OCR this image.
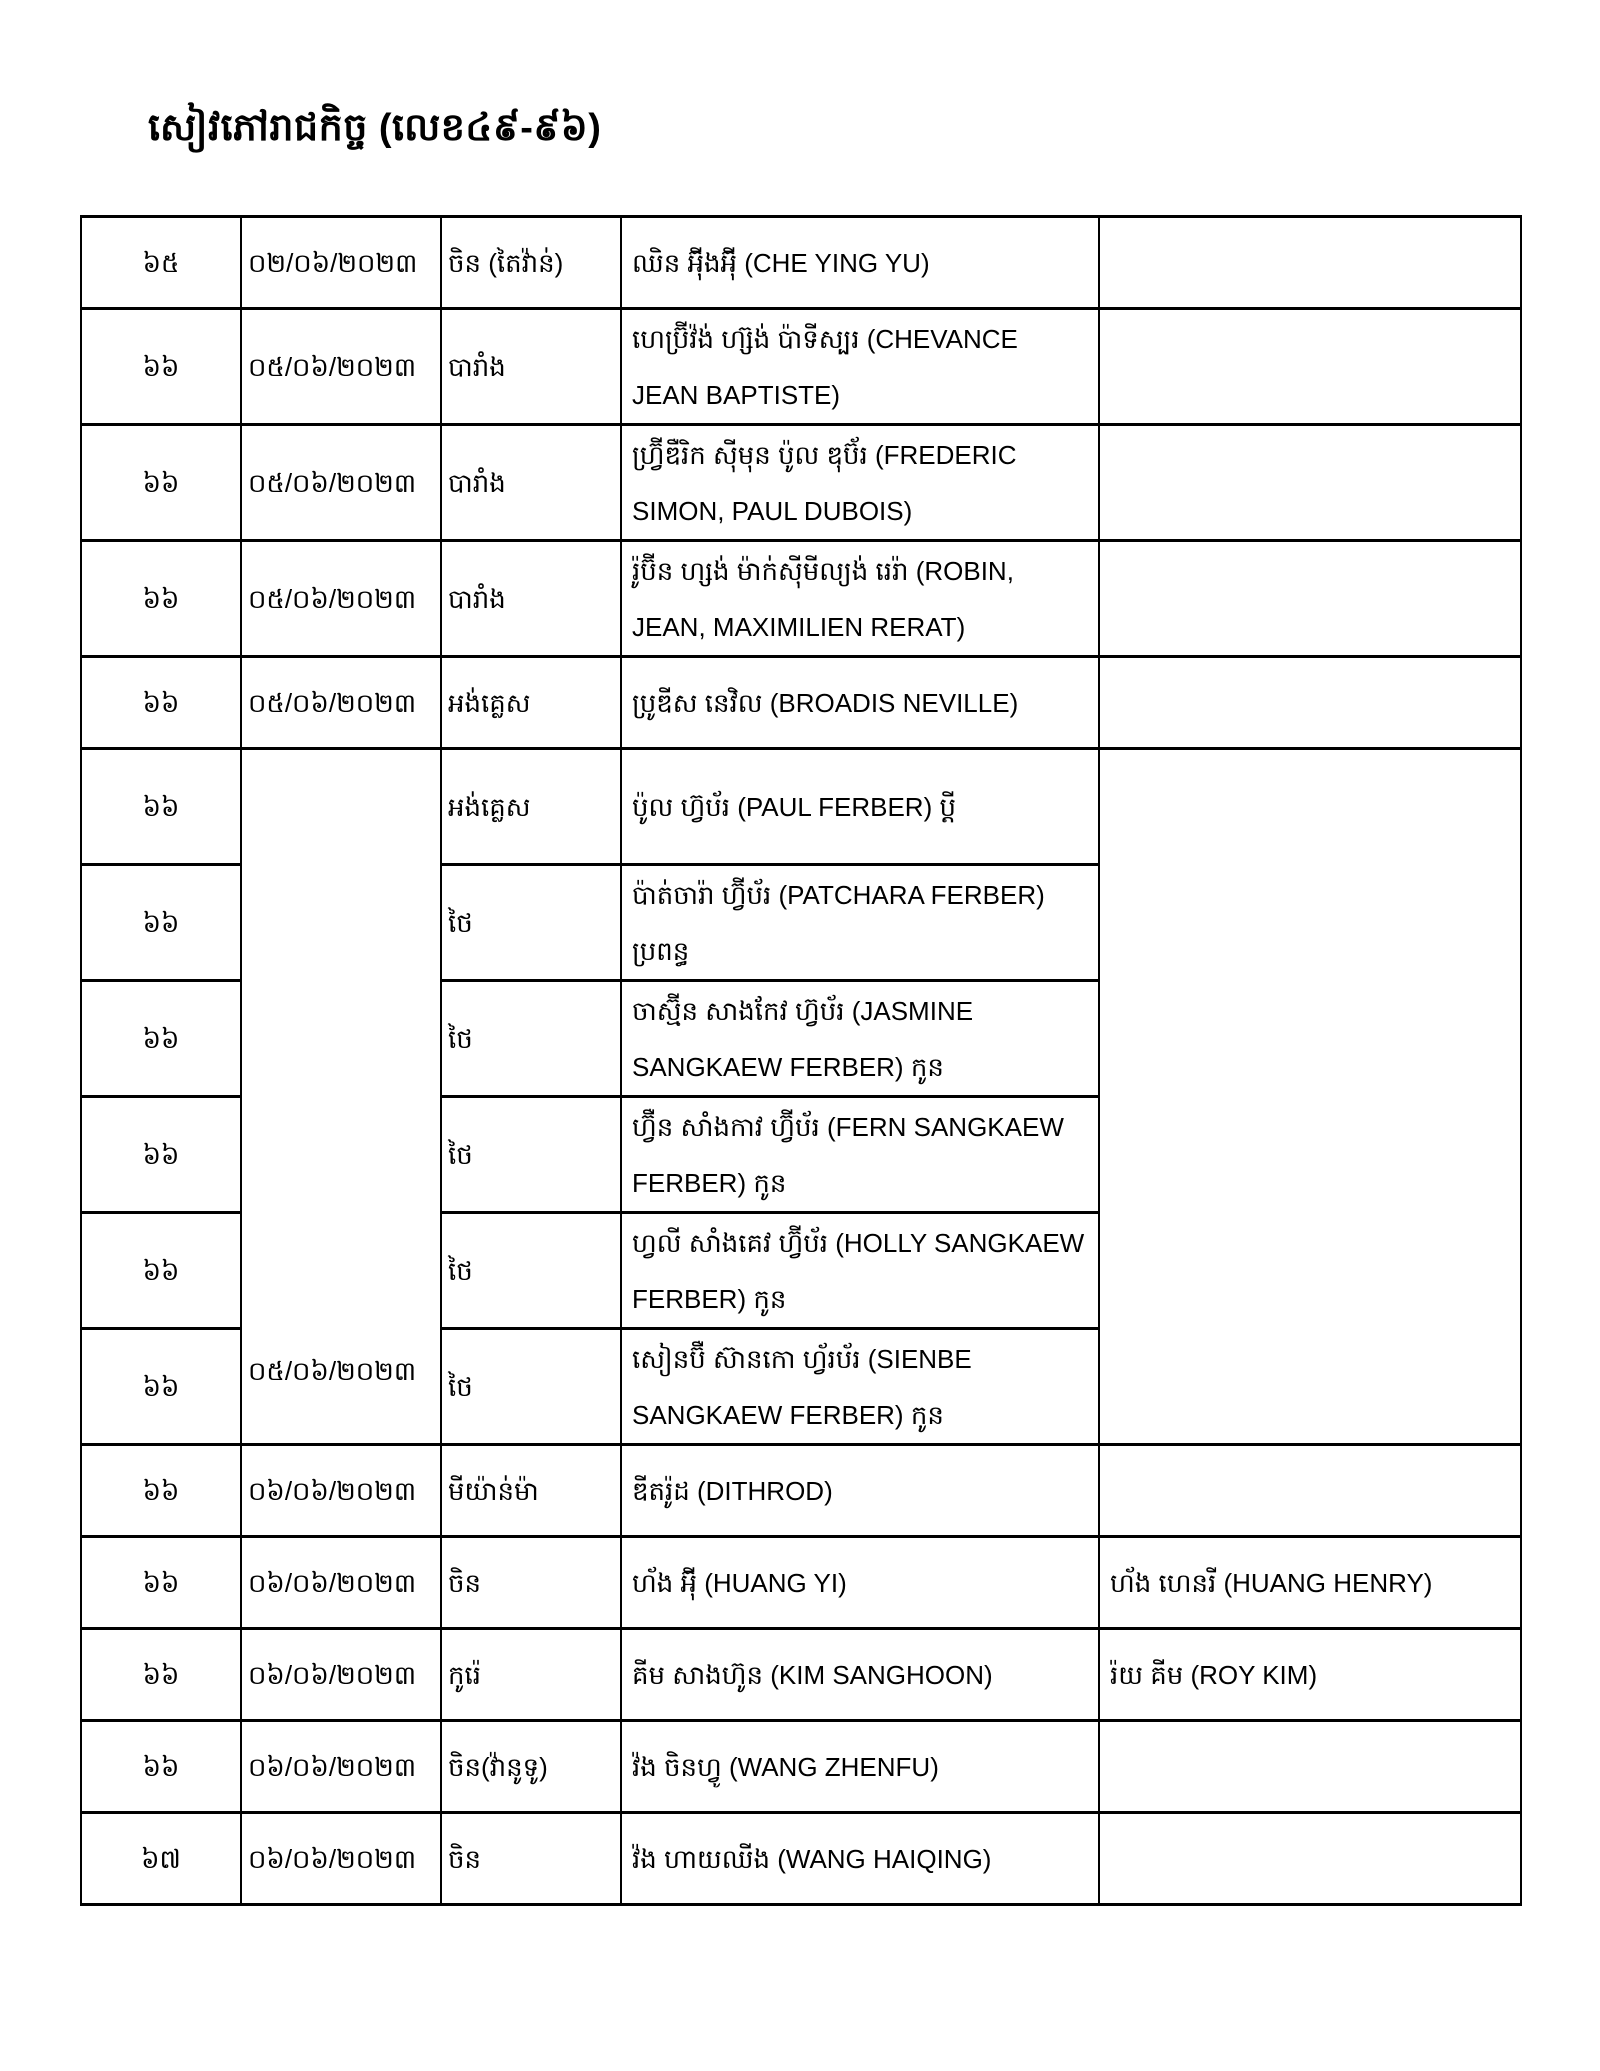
សៀវភៅរាជកិច្ច (លេខ៤៩-៩៦)
៦៥	០២/០៦/២០២៣	ចិន (តៃវ៉ាន់)	ឈិន អ៊ុីងអ៊ុី (CHE YING YU)	
៦៦	០៥/០៦/២០២៣	បារាំង	ហេប្រ៊ីវ៉ង់ ហ្ស៊ង់ ប៉ាទីស្បរ (CHEVANCE JEAN BAPTISTE)	
៦៦	០៥/០៦/២០២៣	បារាំង	ហ្វ្រ៊ីឌឺរិក ស៊ីមុន ប៉ូល ឌុប៊័រ (FREDERIC SIMON, PAUL DUBOIS)	
៦៦	០៥/០៦/២០២៣	បារាំង	រ៉ូប៊ីន ហ្សង់ ម៉ាក់ស៊ីមីល្យង់ រេរ៉ា (ROBIN, JEAN, MAXIMILIEN RERAT)	
៦៦	០៥/០៦/២០២៣	អង់គ្លេស	ប្រូឌីស នេវិល (BROADIS NEVILLE)	
៦៦	០៥/០៦/២០២៣	អង់គ្លេស	ប៉ូល ហ្វ៊ប័រ (PAUL FERBER) ប្តី	
៦៦		ថៃ	ប៉ាត់ចារ៉ា ហ្វ៊ីប័រ (PATCHARA FERBER) ប្រពន្ធ	
៦៦		ថៃ	ចាស្ម៊ីន សាងកែវ ហ្វ៊ប័រ (JASMINE SANGKAEW FERBER) កូន	
៦៦		ថៃ	ហ្វ៊ឺន សាំងកាវ ហ្វ៊ីប័រ (FERN SANGKAEW FERBER) កូន	
៦៦		ថៃ	ហ្វលី សាំងគេវ ហ្វ៊ីប័រ (HOLLY SANGKAEW FERBER) កូន	
៦៦		ថៃ	សៀនប៊ឺ ស៊ានកោ ហ្វ័រប័រ (SIENBE SANGKAEW FERBER) កូន	
៦៦	០៦/០៦/២០២៣	មីយ៉ាន់ម៉ា	ឌីតរ៉ូដ (DITHROD)	
៦៦	០៦/០៦/២០២៣	ចិន	ហ័ង អ៊ុី (HUANG YI)	ហ័ង ហេនរី (HUANG HENRY)
៦៦	០៦/០៦/២០២៣	កូរ៉េ	គីម សាងហ៊ូន (KIM SANGHOON)	រ៉យ គីម (ROY KIM)
៦៦	០៦/០៦/២០២៣	ចិន(វ៉ានូទូ)	វ៉ង ចិនហ្វូ (WANG ZHENFU)	
៦៧	០៦/០៦/២០២៣	ចិន	វ៉ង ហាយឈីង (WANG HAIQING)	
